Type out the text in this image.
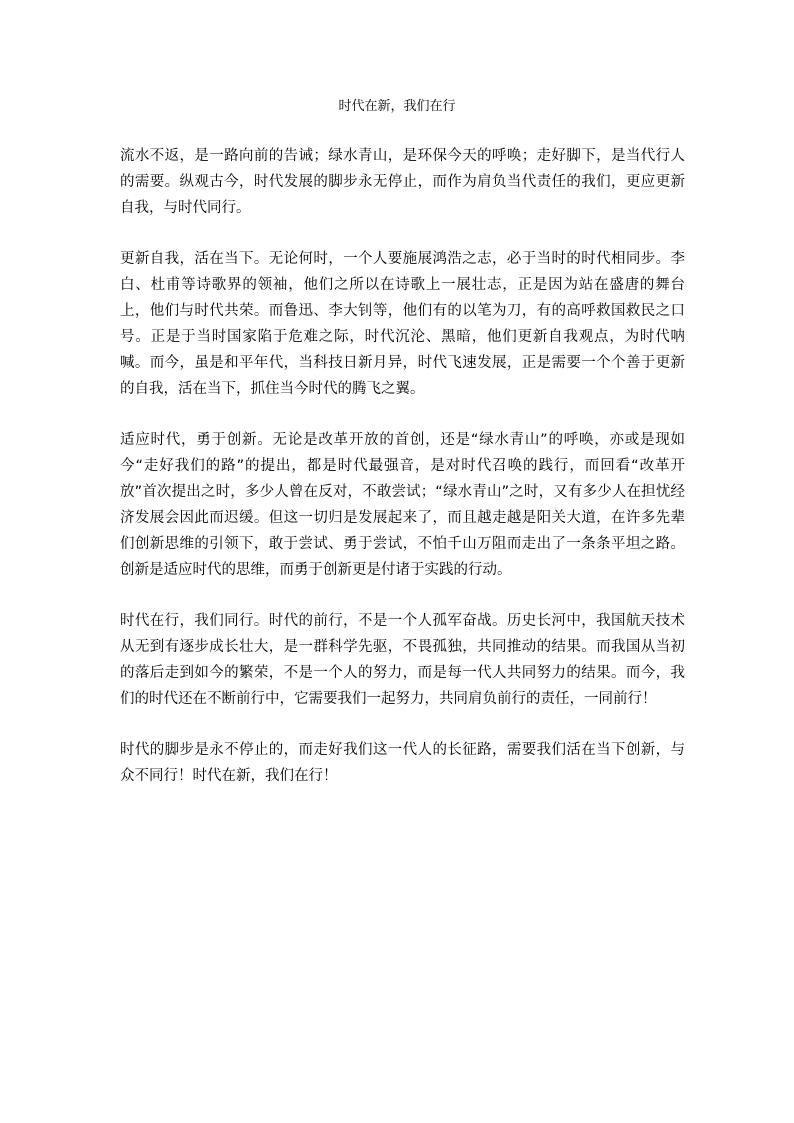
时代在新，我们在行

流水不返，是一路向前的告诫；绿水青山，是环保今天的呼唤；走好脚下，是当代行人的需要。纵观古今，时代发展的脚步永无停止，而作为肩负当代责任的我们，更应更新自我，与时代同行。

更新自我，活在当下。无论何时，一个人要施展鸿浩之志，必于当时的时代相同步。李白、杜甫等诗歌界的领袖，他们之所以在诗歌上一展壮志，正是因为站在盛唐的舞台上，他们与时代共荣。而鲁迅、李大钊等，他们有的以笔为刀，有的高呼救国救民之口号。正是于当时国家陷于危难之际，时代沉沦、黑暗，他们更新自我观点，为时代呐喊。而今，虽是和平年代，当科技日新月异，时代飞速发展，正是需要一个个善于更新的自我，活在当下，抓住当今时代的腾飞之翼。

适应时代，勇于创新。无论是改革开放的首创，还是“绿水青山”的呼唤，亦或是现如今“走好我们的路”的提出，都是时代最强音，是对时代召唤的践行，而回看“改革开放”首次提出之时，多少人曾在反对，不敢尝试；“绿水青山”之时，又有多少人在担忧经济发展会因此而迟缓。但这一切归是发展起来了，而且越走越是阳关大道，在许多先辈们创新思维的引领下，敢于尝试、勇于尝试，不怕千山万阻而走出了一条条平坦之路。创新是适应时代的思维，而勇于创新更是付诸于实践的行动。

时代在行，我们同行。时代的前行，不是一个人孤军奋战。历史长河中，我国航天技术从无到有逐步成长壮大，是一群科学先驱，不畏孤独，共同推动的结果。而我国从当初的落后走到如今的繁荣，不是一个人的努力，而是每一代人共同努力的结果。而今，我们的时代还在不断前行中，它需要我们一起努力，共同肩负前行的责任，一同前行！

时代的脚步是永不停止的，而走好我们这一代人的长征路，需要我们活在当下创新，与众不同行！时代在新，我们在行！
